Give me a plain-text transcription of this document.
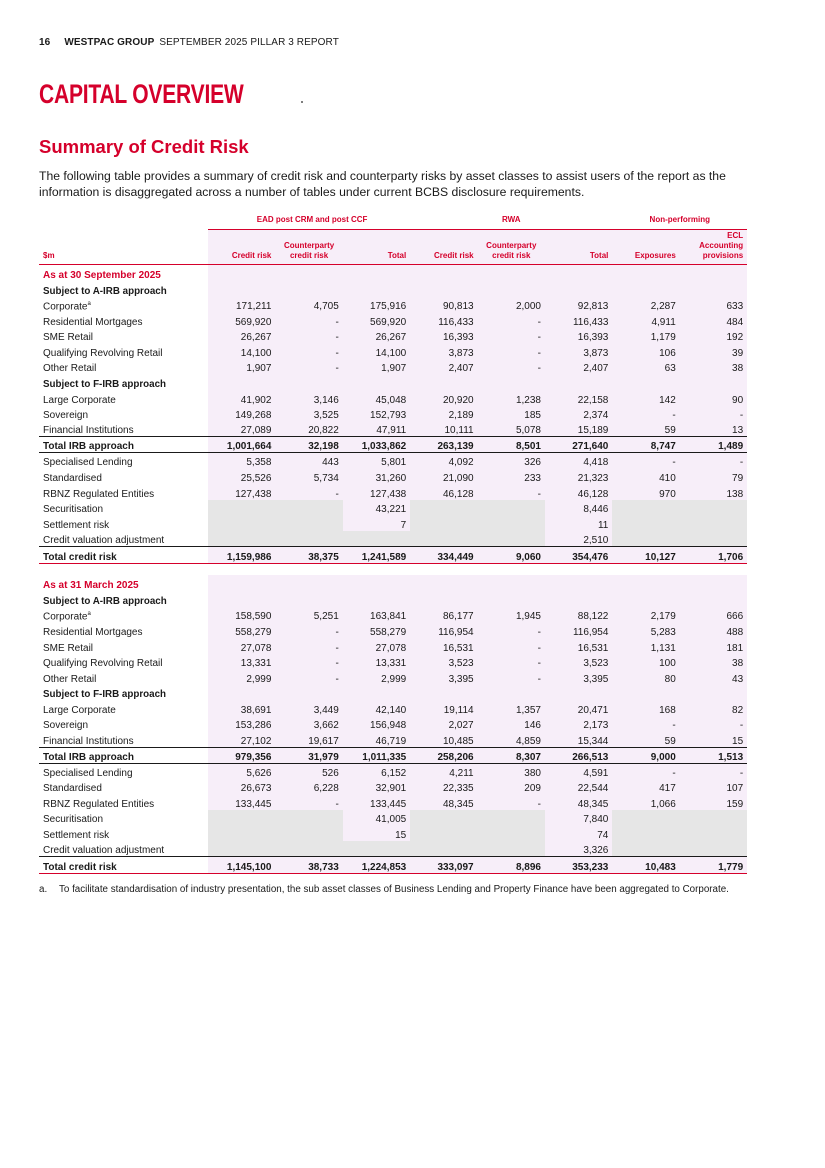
16 WESTPAC GROUP SEPTEMBER 2025 PILLAR 3 REPORT
CAPITAL OVERVIEW
Summary of Credit Risk

The following table provides a summary of credit risk and counterparty risks by asset classes to assist users of the report as the information is disaggregated across a number of tables under current BCBS disclosure requirements.

	EAD post CRM and post CCF			RWA			Non-performing	
$m	Credit risk	Counterparty
credit risk	Total	Credit risk	Counterparty
credit risk	Total	Exposures	ECL
Accounting
provisions
As at 30 September 2025								
Subject to A-IRB approach								
Corporate$^a$	171,211	4,705	175,916	90,813	2,000	92,813	2,287	633
Residential Mortgages	569,920	-	569,920	116,433	-	116,433	4,911	484
SME Retail	26,267	-	26,267	16,393	-	16,393	1,179	192
Qualifying Revolving Retail	14,100	-	14,100	3,873	-	3,873	106	39
Other Retail	1,907	-	1,907	2,407	-	2,407	63	38
Subject to F-IRB approach								
Large Corporate	41,902	3,146	45,048	20,920	1,238	22,158	142	90
Sovereign	149,268	3,525	152,793	2,189	185	2,374	-	-
Financial Institutions	27,089	20,822	47,911	10,111	5,078	15,189	59	13
Total IRB approach	1,001,664	32,198	1,033,862	263,139	8,501	271,640	8,747	1,489
Specialised Lending	5,358	443	5,801	4,092	326	4,418	-	-
Standardised	25,526	5,734	31,260	21,090	233	21,323	410	79
RBNZ Regulated Entities	127,438	-	127,438	46,128	-	46,128	970	138
Securitisation			43,221			8,446		
Settlement risk			7			11		
Credit valuation adjustment						2,510		
Total credit risk	1,159,986	38,375	1,241,589	334,449	9,060	354,476	10,127	1,706

As at 31 March 2025								
Subject to A-IRB approach								
Corporate$^a$	158,590	5,251	163,841	86,177	1,945	88,122	2,179	666
Residential Mortgages	558,279	-	558,279	116,954	-	116,954	5,283	488
SME Retail	27,078	-	27,078	16,531	-	16,531	1,131	181
Qualifying Revolving Retail	13,331	-	13,331	3,523	-	3,523	100	38
Other Retail	2,999	-	2,999	3,395	-	3,395	80	43
Subject to F-IRB approach								
Large Corporate	38,691	3,449	42,140	19,114	1,357	20,471	168	82
Sovereign	153,286	3,662	156,948	2,027	146	2,173	-	-
Financial Institutions	27,102	19,617	46,719	10,485	4,859	15,344	59	15
Total IRB approach	979,356	31,979	1,011,335	258,206	8,307	266,513	9,000	1,513
Specialised Lending	5,626	526	6,152	4,211	380	4,591	-	-
Standardised	26,673	6,228	32,901	22,335	209	22,544	417	107
RBNZ Regulated Entities	133,445	-	133,445	48,345	-	48,345	1,066	159
Securitisation			41,005			7,840		
Settlement risk			15			74		
Credit valuation adjustment						3,326		
Total credit risk	1,145,100	38,733	1,224,853	333,097	8,896	353,233	10,483	1,779
a. To facilitate standardisation of industry presentation, the sub asset classes of Business Lending and Property Finance have been aggregated to Corporate.
